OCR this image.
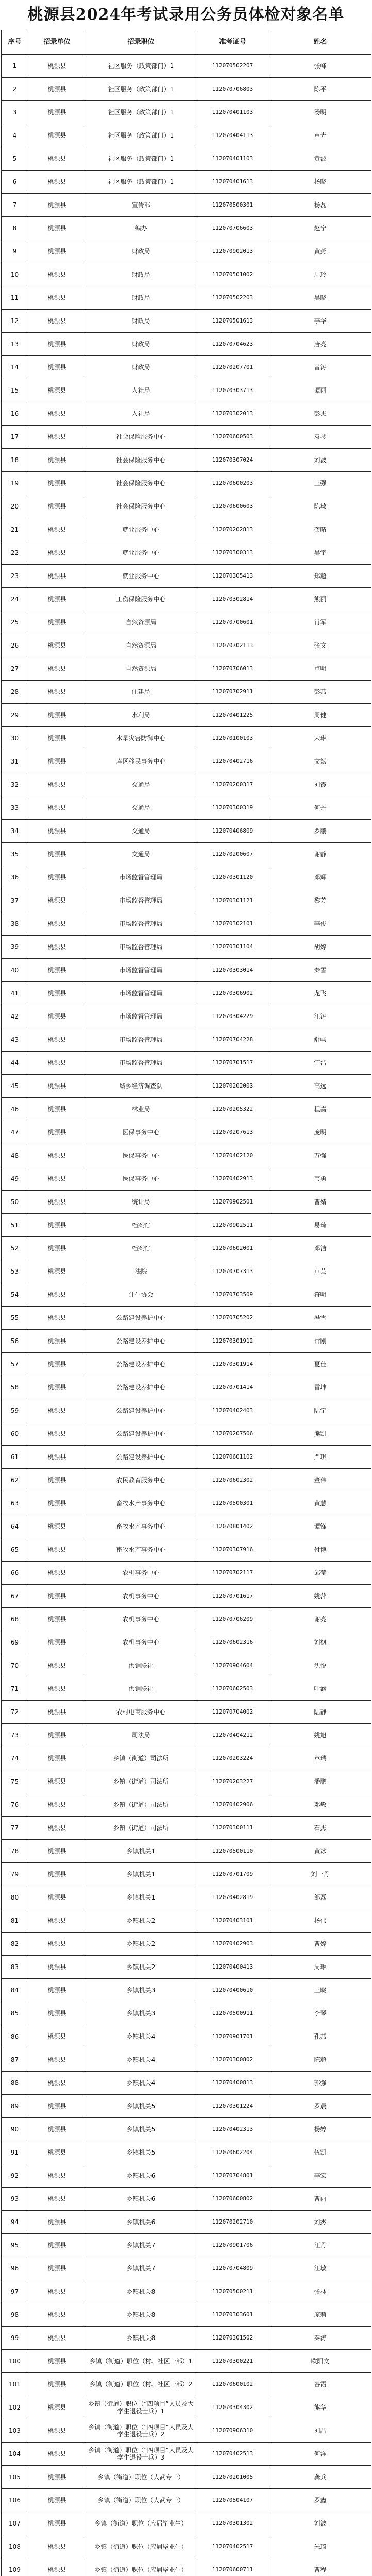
桃源县2024年考试录用公务员体检对象名单
序号	招录单位	招录职位	准考证号	姓名
1	桃源县	社区服务（政策部门）1	112070502207	张峰
2	桃源县	社区服务（政策部门）1	112070706803	陈平
3	桃源县	社区服务（政策部门）1	112070401103	汤明
4	桃源县	社区服务（政策部门）1	112070404113	芦光
5	桃源县	社区服务（政策部门）1	112070401103	黄波
6	桃源县	社区服务（政策部门）1	112070401613	杨晓
7	桃源县	宣传部	112070500301	杨磊
8	桃源县	编办	112070706603	赵宁
9	桃源县	财政局	112070902013	黄燕
10	桃源县	财政局	112070501002	周玲
11	桃源县	财政局	112070502203	吴晓
12	桃源县	财政局	112070501613	李华
13	桃源县	财政局	112070704623	唐亮
14	桃源县	财政局	112070207701	曾涛
15	桃源县	人社局	112070303713	谭丽
16	桃源县	人社局	112070302013	彭杰
17	桃源县	社会保险服务中心	112070600503	袁琴
18	桃源县	社会保险服务中心	112070307024	刘波
19	桃源县	社会保险服务中心	112070600203	王强
20	桃源县	社会保险服务中心	112070600603	陈敏
21	桃源县	就业服务中心	112070202813	龚晴
22	桃源县	就业服务中心	112070300313	吴宇
23	桃源县	就业服务中心	112070305413	郑超
24	桃源县	工伤保险服务中心	112070302814	熊丽
25	桃源县	自然资源局	112070700601	肖军
26	桃源县	自然资源局	112070702113	张文
27	桃源县	自然资源局	112070706013	卢明
28	桃源县	住建局	112070702911	彭燕
29	桃源县	水利局	112070401225	周健
30	桃源县	水旱灾害防御中心	112070100103	宋琳
31	桃源县	库区移民事务中心	112070402716	文斌
32	桃源县	交通局	112070200317	刘霞
33	桃源县	交通局	112070300319	何丹
34	桃源县	交通局	112070406809	罗鹏
35	桃源县	交通局	112070200607	谢静
36	桃源县	市场监督管理局	112070301120	邓辉
37	桃源县	市场监督管理局	112070301121	黎芳
38	桃源县	市场监督管理局	112070302101	李俊
39	桃源县	市场监督管理局	112070301104	胡婷
40	桃源县	市场监督管理局	112070303014	秦雪
41	桃源县	市场监督管理局	112070306902	龙飞
42	桃源县	市场监督管理局	112070304229	江涛
43	桃源县	市场监督管理局	112070704228	舒畅
44	桃源县	市场监督管理局	112070701517	宁洁
45	桃源县	城乡经济调查队	112070202003	高远
46	桃源县	林业局	112070205322	程嘉
47	桃源县	医保事务中心	112070207613	庞明
48	桃源县	医保事务中心	112070402120	万强
49	桃源县	医保事务中心	112070402913	韦勇
50	桃源县	统计局	112070902501	曹婧
51	桃源县	档案馆	112070902511	易琦
52	桃源县	档案馆	112070602001	邓洁
53	桃源县	法院	112070707313	卢芸
54	桃源县	计生协会	112070703509	符明
55	桃源县	公路建设养护中心	112070705202	冯雪
56	桃源县	公路建设养护中心	112070301912	常刚
57	桃源县	公路建设养护中心	112070301914	夏佳
58	桃源县	公路建设养护中心	112070701414	雷坤
59	桃源县	公路建设养护中心	112070402403	陆宁
60	桃源县	公路建设养护中心	112070207506	熊凯
61	桃源县	公路建设养护中心	112070601102	严琪
62	桃源县	农民教育服务中心	112070602302	董伟
63	桃源县	畜牧水产事务中心	112070500301	黄慧
64	桃源县	畜牧水产事务中心	112070801402	谭锋
65	桃源县	畜牧水产事务中心	112070307916	付博
66	桃源县	农机事务中心	112070702117	邱莹
67	桃源县	农机事务中心	112070701617	姚萍
68	桃源县	农机事务中心	112070706209	谢亮
69	桃源县	农机事务中心	112070602316	刘枫
70	桃源县	供销联社	112070904604	沈悦
71	桃源县	供销联社	112070602503	叶涵
72	桃源县	农村电商服务中心	112070704002	陆静
73	桃源县	司法局	112070404212	姚旭
74	桃源县	乡镇（街道）司法所	112070203224	章瑞
75	桃源县	乡镇（街道）司法所	112070203227	潘鹏
76	桃源县	乡镇（街道）司法所	112070402906	邓敏
77	桃源县	乡镇（街道）司法所	112070300111	石杰
78	桃源县	乡镇机关1	112070500110	黄冰
79	桃源县	乡镇机关1	112070701709	刘一丹
80	桃源县	乡镇机关1	112070402819	邹磊
81	桃源县	乡镇机关2	112070403101	杨伟
82	桃源县	乡镇机关2	112070402903	曹婷
83	桃源县	乡镇机关2	112070400413	周琳
84	桃源县	乡镇机关3	112070400610	王晓
85	桃源县	乡镇机关3	112070500911	李琴
86	桃源县	乡镇机关4	112070901701	孔燕
87	桃源县	乡镇机关4	112070300802	陈超
88	桃源县	乡镇机关4	112070400813	郭强
89	桃源县	乡镇机关5	112070301224	罗晨
90	桃源县	乡镇机关5	112070402313	杨婷
91	桃源县	乡镇机关5	112070602204	伍凯
92	桃源县	乡镇机关6	112070704801	李宏
93	桃源县	乡镇机关6	112070600802	曹丽
94	桃源县	乡镇机关6	112070202710	刘杰
95	桃源县	乡镇机关7	112070901706	汪丹
96	桃源县	乡镇机关7	112070704809	江敏
97	桃源县	乡镇机关8	112070500211	张林
98	桃源县	乡镇机关8	112070303601	庞莉
99	桃源县	乡镇机关8	112070301502	秦涛
100	桃源县	乡镇（街道）职位（村、社区干部）1	112070300221	欧阳文
101	桃源县	乡镇（街道）职位（村、社区干部）2	112070600102	谷霞
102	桃源县	乡镇（街道）职位（“四项目”人员及大学生退役士兵）1	112070304302	熊华
103	桃源县	乡镇（街道）职位（“四项目”人员及大学生退役士兵）2	112070906310	刘晶
104	桃源县	乡镇（街道）职位（“四项目”人员及大学生退役士兵）3	112070402513	何洋
105	桃源县	乡镇（街道）职位（人武专干）	112070201005	龚兵
106	桃源县	乡镇（街道）职位（人武专干）	112070504107	罗鑫
107	桃源县	乡镇（街道）职位（应届毕业生）	112070301302	刘波
108	桃源县	乡镇（街道）职位（应届毕业生）	112070402517	朱琦
109	桃源县	乡镇（街道）职位（应届毕业生）	112070600711	曹程
